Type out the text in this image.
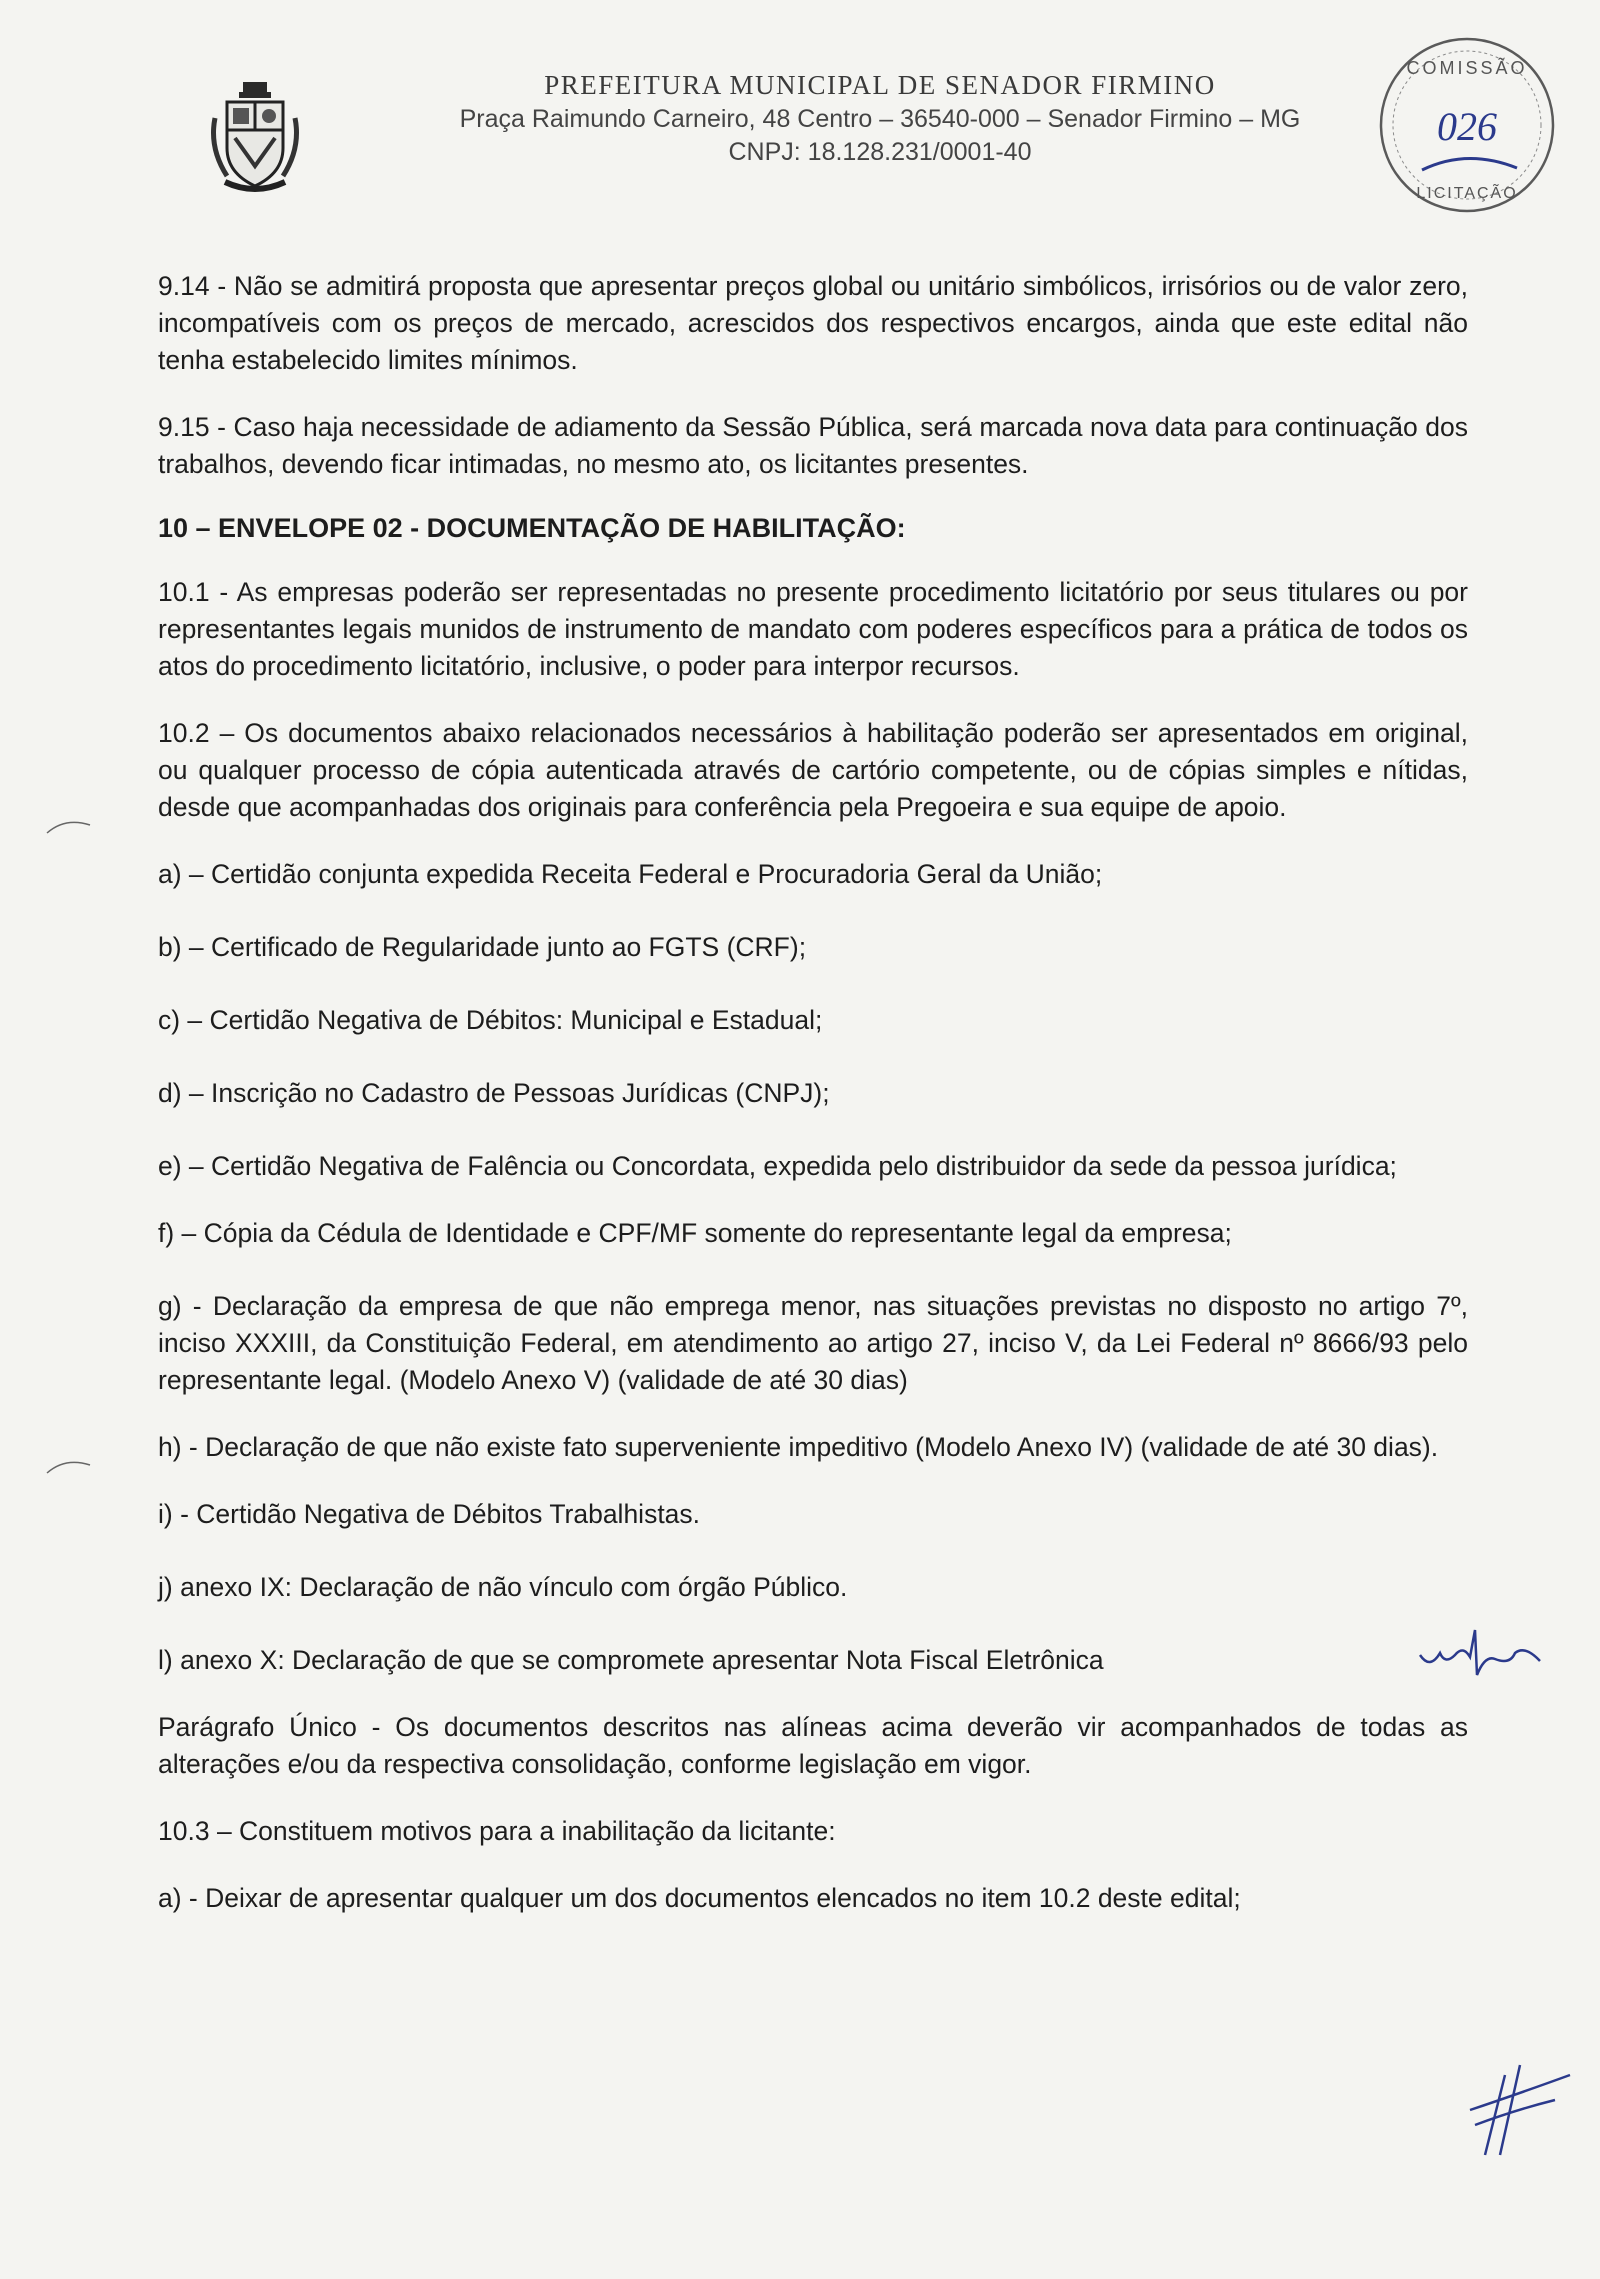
PREFEITURA MUNICIPAL DE SENADOR FIRMINO

Praça Raimundo Carneiro, 48 Centro – 36540-000 – Senador Firmino – MG

CNPJ: 18.128.231/0001-40

COMISSÃO
026
LICITAÇÃO

9.14 - Não se admitirá proposta que apresentar preços global ou unitário simbólicos, irrisórios ou de valor zero, incompatíveis com os preços de mercado, acrescidos dos respectivos encargos, ainda que este edital não tenha estabelecido limites mínimos.

9.15 - Caso haja necessidade de adiamento da Sessão Pública, será marcada nova data para continuação dos trabalhos, devendo ficar intimadas, no mesmo ato, os licitantes presentes.

10 – ENVELOPE 02 - DOCUMENTAÇÃO DE HABILITAÇÃO:

10.1 - As empresas poderão ser representadas no presente procedimento licitatório por seus titulares ou por representantes legais munidos de instrumento de mandato com poderes específicos para a prática de todos os atos do procedimento licitatório, inclusive, o poder para interpor recursos.

10.2 – Os documentos abaixo relacionados necessários à habilitação poderão ser apresentados em original, ou qualquer processo de cópia autenticada através de cartório competente, ou de cópias simples e nítidas, desde que acompanhadas dos originais para conferência pela Pregoeira e sua equipe de apoio.

a) – Certidão conjunta expedida Receita Federal e Procuradoria Geral da União;

b) – Certificado de Regularidade junto ao FGTS (CRF);

c) – Certidão Negativa de Débitos: Municipal e Estadual;

d) – Inscrição no Cadastro de Pessoas Jurídicas (CNPJ);

e) – Certidão Negativa de Falência ou Concordata, expedida pelo distribuidor da sede da pessoa jurídica;

f) – Cópia da Cédula de Identidade e CPF/MF somente do representante legal da empresa;

g) - Declaração da empresa de que não emprega menor, nas situações previstas no disposto no artigo 7º, inciso XXXIII, da Constituição Federal, em atendimento ao artigo 27, inciso V, da Lei Federal nº 8666/93 pelo representante legal. (Modelo Anexo V) (validade de até 30 dias)

h) - Declaração de que não existe fato superveniente impeditivo (Modelo Anexo IV) (validade de até 30 dias).

i) - Certidão Negativa de Débitos Trabalhistas.

j) anexo IX: Declaração de não vínculo com órgão Público.

l) anexo X: Declaração de que se compromete apresentar Nota Fiscal Eletrônica

Parágrafo Único - Os documentos descritos nas alíneas acima deverão vir acompanhados de todas as alterações e/ou da respectiva consolidação, conforme legislação em vigor.

10.3 – Constituem motivos para a inabilitação da licitante:

a) - Deixar de apresentar qualquer um dos documentos elencados no item 10.2 deste edital;
